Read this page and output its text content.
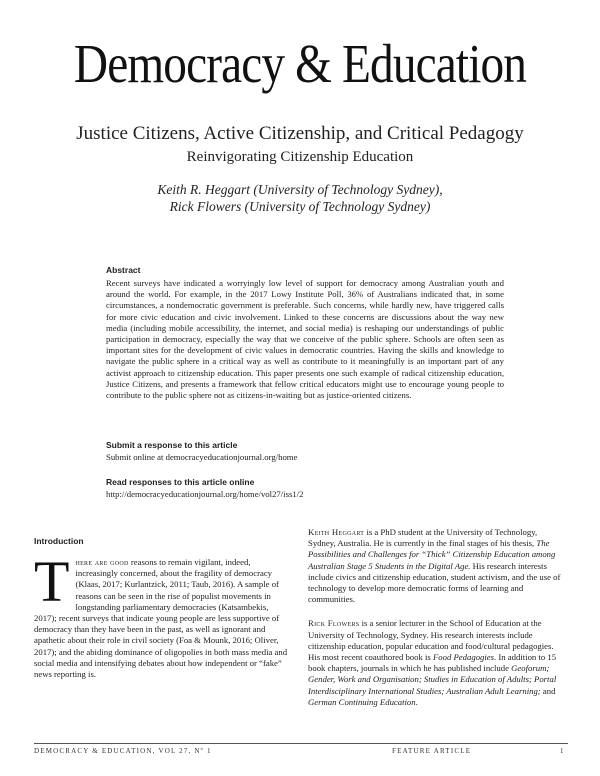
Democracy & Education
Justice Citizens, Active Citizenship, and Critical Pedagogy
Reinvigorating Citizenship Education
Keith R. Heggart (University of Technology Sydney),
Rick Flowers (University of Technology Sydney)
Abstract
Recent surveys have indicated a worryingly low level of support for democracy among Australian youth and around the world. For example, in the 2017 Lowy Institute Poll, 36% of Australians indicated that, in some circumstances, a nondemocratic government is preferable. Such concerns, while hardly new, have triggered calls for more civic education and civic involvement. Linked to these concerns are discussions about the way new media (including mobile accessibility, the internet, and social media) is reshaping our understandings of public participation in democracy, especially the way that we conceive of the public sphere. Schools are often seen as important sites for the development of civic values in democratic countries. Having the skills and knowledge to navigate the public sphere in a critical way as well as contribute to it meaningfully is an important part of any activist approach to citizenship education. This paper presents one such example of radical citizenship education, Justice Citizens, and presents a framework that fellow critical educators might use to encourage young people to contribute to the public sphere not as citizens-in-waiting but as justice-oriented citizens.
Submit a response to this article
Submit online at democracyeducationjournal.org/home
Read responses to this article online
http://democracyeducationjournal.org/home/vol27/iss1/2
Introduction

There are good reasons to remain vigilant, indeed, increasingly concerned, about the fragility of democracy (Klaas, 2017; Kurlantzick, 2011; Taub, 2016). A sample of reasons can be seen in the rise of populist movements in longstanding parliamentary democracies (Katsambekis, 2017); recent surveys that indicate young people are less supportive of democracy than they have been in the past, as well as ignorant and apathetic about their role in civil society (Foa & Mounk, 2016; Oliver, 2017); and the abiding dominance of oligopolies in both mass media and social media and intensifying debates about how independent or “fake” news reporting is.

Keith Heggart is a PhD student at the University of Technology, Sydney, Australia. He is currently in the final stages of his thesis, The Possibilities and Challenges for “Thick” Citizenship Education among Australian Stage 5 Students in the Digital Age. His research interests include civics and citizenship education, student activism, and the use of technology to develop more democratic forms of learning and communities.

Rick Flowers is a senior lecturer in the School of Education at the University of Technology, Sydney. His research interests include citizenship education, popular education and food/cultural pedagogies. His most recent coauthored book is Food Pedagogies. In addition to 15 book chapters, journals in which he has published include Geoforum; Gender, Work and Organisation; Studies in Education of Adults; Portal Interdisciplinary International Studies; Australian Adult Learning; and German Continuing Education.

DEMOCRACY & EDUCATION, VOL 27, Nº 1	FEATURE ARTICLE	1
